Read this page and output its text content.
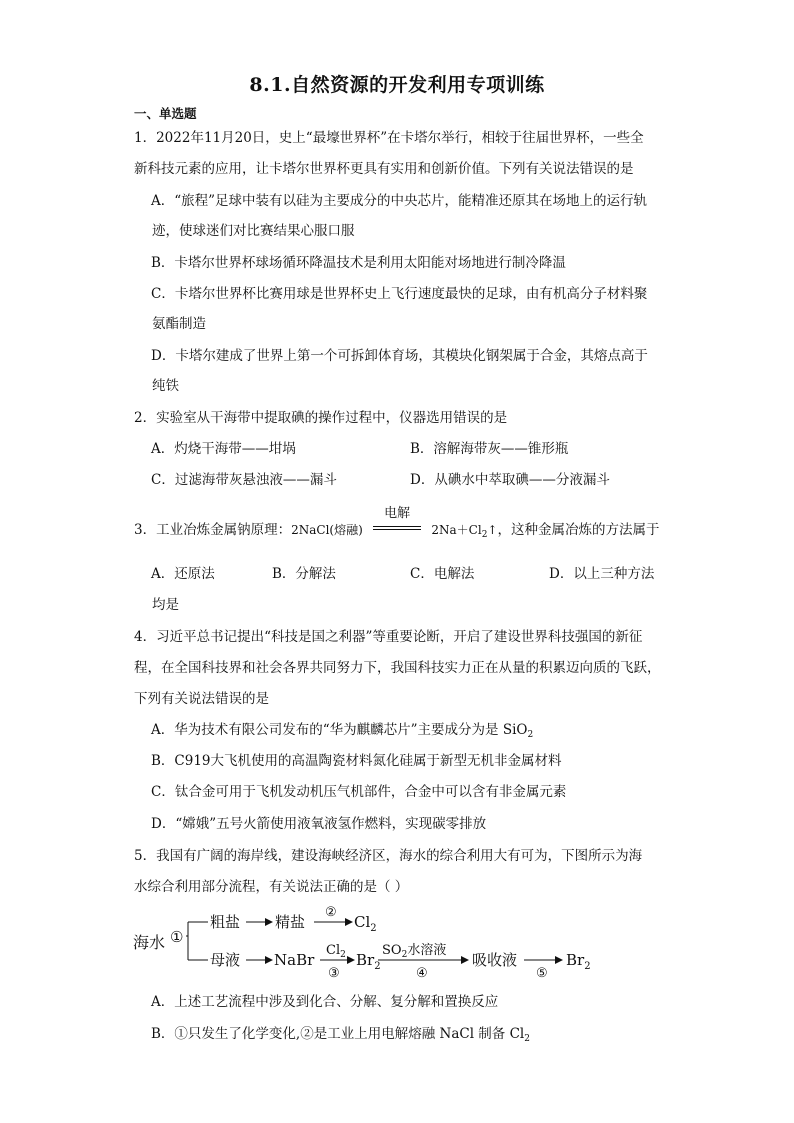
8.1.自然资源的开发利用专项训练
一、单选题
1．2022年11月20日，史上“最壕世界杯”在卡塔尔举行，相较于往届世界杯，一些全
新科技元素的应用，让卡塔尔世界杯更具有实用和创新价值。下列有关说法错误的是
A．“旅程”足球中装有以硅为主要成分的中央芯片，能精准还原其在场地上的运行轨
迹，使球迷们对比赛结果心服口服
B．卡塔尔世界杯球场循环降温技术是利用太阳能对场地进行制冷降温
C．卡塔尔世界杯比赛用球是世界杯史上飞行速度最快的足球，由有机高分子材料聚
氨酯制造
D．卡塔尔建成了世界上第一个可拆卸体育场，其模块化钢架属于合金，其熔点高于
纯铁
2．实验室从干海带中提取碘的操作过程中，仪器选用错误的是
A．灼烧干海带——坩埚	B．溶解海带灰——锥形瓶
C．过滤海带灰悬浊液——漏斗	D．从碘水中萃取碘——分液漏斗
3．工业冶炼金属钠原理：2NaCl(熔融)
电解
$2Na+Cl_2↑$，这种金属冶炼的方法属于
A．还原法	B．分解法	C．电解法	D．以上三种方法
均是
4．习近平总书记提出“科技是国之利器”等重要论断，开启了建设世界科技强国的新征
程，在全国科技界和社会各界共同努力下，我国科技实力正在从量的积累迈向质的飞跃，
下列有关说法错误的是
A．华为技术有限公司发布的“华为麒麟芯片”主要成分为是 SiO$_2$
B．C919大飞机使用的高温陶瓷材料氮化硅属于新型无机非金属材料
C．钛合金可用于飞机发动机压气机部件，合金中可以含有非金属元素
D．“嫦娥”五号火箭使用液氧液氢作燃料，实现碳零排放
5．我国有广阔的海岸线，建设海峡经济区，海水的综合利用大有可为，下图所示为海
水综合利用部分流程，有关说法正确的是（ ）
海水 ①
粗盐 精盐
②
$Cl_2$
母液 NaBr
$Cl_2$
③
$Br_2$
$SO_2$水溶液
④
吸收液
⑤
$Br_2$
A．上述工艺流程中涉及到化合、分解、复分解和置换反应
B．①只发生了化学变化,②是工业上用电解熔融 NaCl 制备 $Cl_2$
